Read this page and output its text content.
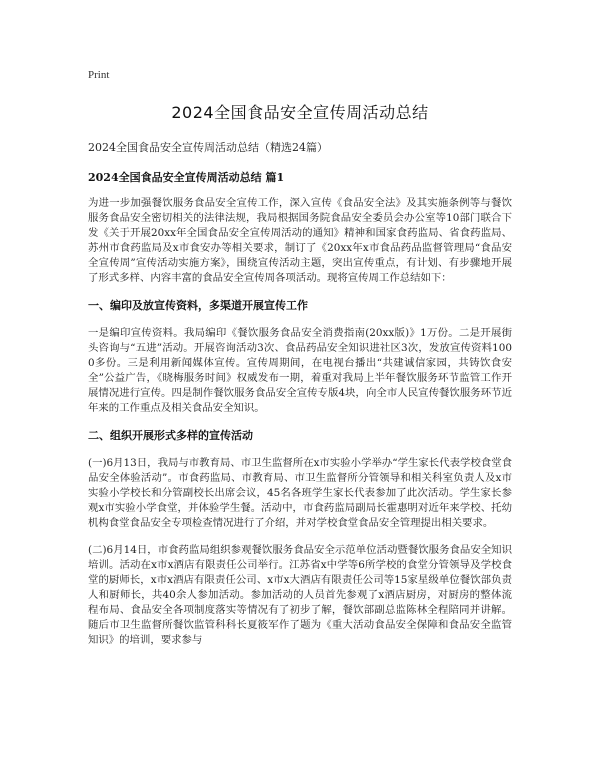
Print
2024全国食品安全宣传周活动总结
2024全国食品安全宣传周活动总结（精选24篇）
2024全国食品安全宣传周活动总结 篇1

为进一步加强餐饮服务食品安全宣传工作，深入宣传《食品安全法》及其实施条例等与餐饮服务食品安全密切相关的法律法规，我局根据国务院食品安全委员会办公室等10部门联合下发《关于开展20xx年全国食品安全宣传周活动的通知》精神和国家食药监局、省食药监局、苏州市食药监局及x市食安办等相关要求，制订了《20xx年x市食品药品监督管理局“食品安全宣传周”宣传活动实施方案》，围绕宣传活动主题，突出宣传重点，有计划、有步骤地开展了形式多样、内容丰富的食品安全宣传周各项活动。现将宣传周工作总结如下：

一、编印及放宣传资料，多渠道开展宣传工作

一是编印宣传资料。我局编印《餐饮服务食品安全消费指南(20xx版)》1万份。二是开展街头咨询与“五进”活动。开展咨询活动3次、食品药品安全知识进社区3次，发放宣传资料1000多份。三是利用新闻媒体宣传。宣传周期间，在电视台播出“共建诚信家园，共铸饮食安全”公益广告，《晓梅服务时间》权威发布一期，着重对我局上半年餐饮服务环节监管工作开展情况进行宣传。四是制作餐饮服务食品安全宣传专版4块，向全市人民宣传餐饮服务环节近年来的工作重点及相关食品安全知识。

二、组织开展形式多样的宣传活动

(一)6月13日，我局与市教育局、市卫生监督所在x市实验小学举办“学生家长代表学校食堂食品安全体验活动”。市食药监局、市教育局、市卫生监督所分管领导和相关科室负责人及x市实验小学校长和分管副校长出席会议，45名各班学生家长代表参加了此次活动。学生家长参观x市实验小学食堂，并体验学生餐。活动中，市食药监局副局长霍惠明对近年来学校、托幼机构食堂食品安全专项检查情况进行了介绍，并对学校食堂食品安全管理提出相关要求。

(二)6月14日，市食药监局组织参观餐饮服务食品安全示范单位活动暨餐饮服务食品安全知识培训。活动在x市x酒店有限责任公司举行。江苏省x中学等6所学校的食堂分管领导及学校食堂的厨师长，x市x酒店有限责任公司、x市x大酒店有限责任公司等15家星级单位餐饮部负责人和厨师长，共40余人参加活动。参加活动的人员首先参观了x酒店厨房，对厨房的整体流程布局、食品安全各项制度落实等情况有了初步了解，餐饮部副总监陈林全程陪同并讲解。随后市卫生监督所餐饮监管科科长夏筱军作了题为《重大活动食品安全保障和食品安全监管知识》的培训，要求参与
